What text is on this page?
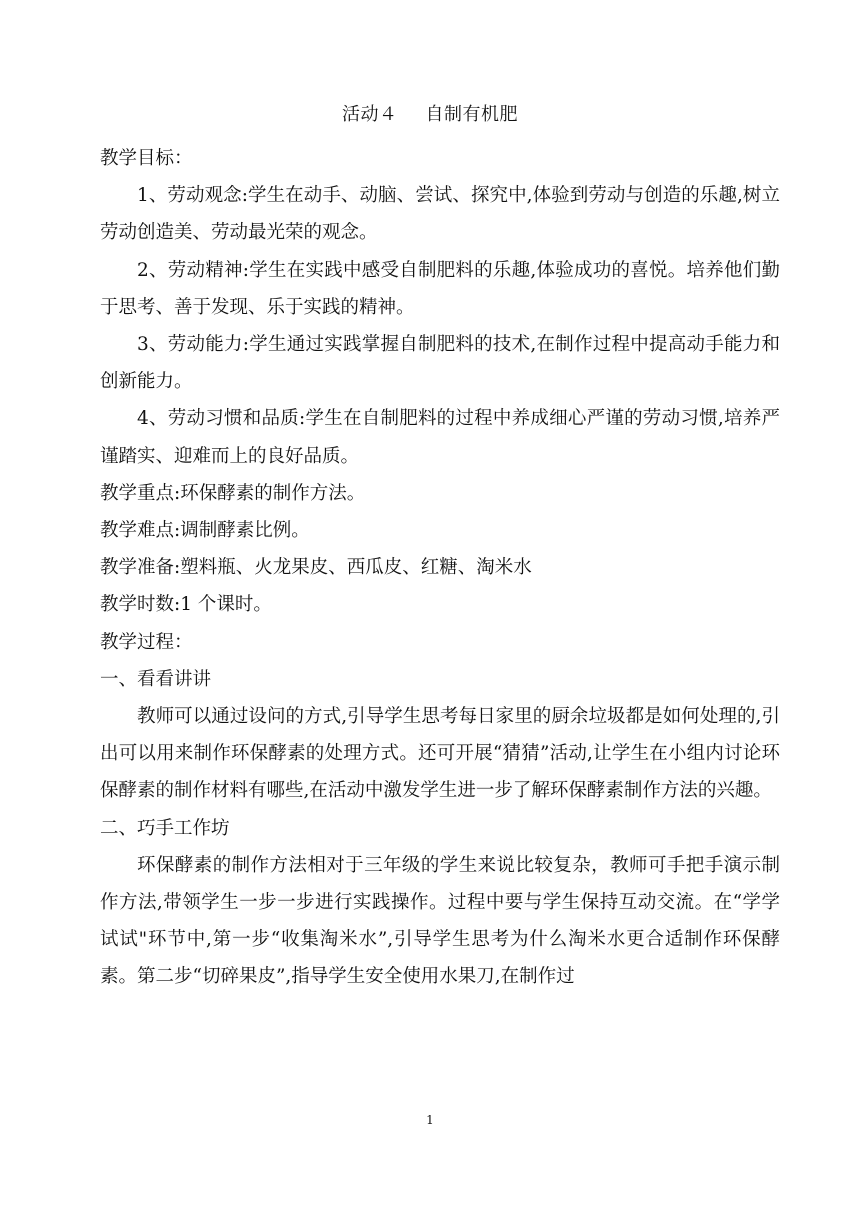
活动４ 自制有机肥

教学目标：

1、劳动观念:学生在动手、动脑、尝试、探究中,体验到劳动与创造的乐趣,树立劳动创造美、劳动最光荣的观念。

2、劳动精神:学生在实践中感受自制肥料的乐趣,体验成功的喜悦。培养他们勤于思考、善于发现、乐于实践的精神。

3、劳动能力:学生通过实践掌握自制肥料的技术,在制作过程中提高动手能力和创新能力。

4、劳动习惯和品质:学生在自制肥料的过程中养成细心严谨的劳动习惯,培养严谨踏实、迎难而上的良好品质。

教学重点:环保酵素的制作方法。

教学难点:调制酵素比例。

教学准备:塑料瓶、火龙果皮、西瓜皮、红糖、淘米水

教学时数:1 个课时。

教学过程：

一、看看讲讲

教师可以通过设问的方式,引导学生思考每日家里的厨余垃圾都是如何处理的,引出可以用来制作环保酵素的处理方式。还可开展“猜猜”活动,让学生在小组内讨论环保酵素的制作材料有哪些,在活动中激发学生进一步了解环保酵素制作方法的兴趣。

二、巧手工作坊

环保酵素的制作方法相对于三年级的学生来说比较复杂，教师可手把手演示制作方法,带领学生一步一步进行实践操作。过程中要与学生保持互动交流。在“学学试试"环节中,第一步“收集淘米水”,引导学生思考为什么淘米水更合适制作环保酵素。第二步“切碎果皮”,指导学生安全使用水果刀,在制作过

1
